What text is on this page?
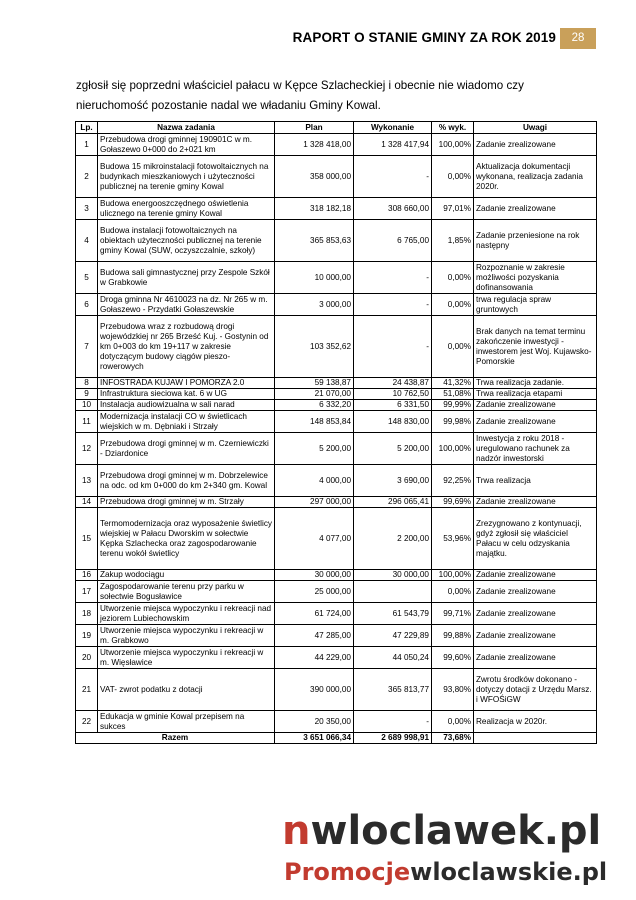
RAPORT O STANIE GMINY ZA ROK 2019	28
zgłosił się poprzedni właściciel pałacu w Kępce Szlacheckiej i obecnie nie wiadomo czy nieruchomość pozostanie nadal we władaniu Gminy Kowal.
Lp.	Nazwa zadania	Plan	Wykonanie	% wyk.	Uwagi
1	Przebudowa drogi gminnej 190901C w m. Gołaszewo 0+000 do 2+021 km	1 328 418,00	1 328 417,94	100,00%	Zadanie zrealizowane
2	Budowa 15 mikroinstalacji fotowoltaicznych na budynkach mieszkaniowych i użyteczności publicznej na terenie gminy Kowal	358 000,00	-	0,00%	Aktualizacja dokumentacji wykonana, realizacja zadania 2020r.
3	Budowa energooszczędnego oświetlenia ulicznego na terenie gminy Kowal	318 182,18	308 660,00	97,01%	Zadanie zrealizowane
4	Budowa instalacji fotowoltaicznych na obiektach użyteczności publicznej na terenie gminy Kowal (SUW, oczyszczalnie, szkoły)	365 853,63	6 765,00	1,85%	Zadanie przeniesione na rok następny
5	Budowa sali gimnastycznej przy Zespole Szkół w Grabkowie	10 000,00	-	0,00%	Rozpoznanie w zakresie możliwości pozyskania dofinansowania
6	Droga gminna Nr 4610023 na dz. Nr 265 w m. Gołaszewo - Przydatki Gołaszewskie	3 000,00	-	0,00%	trwa regulacja spraw gruntowych
7	Przebudowa wraz z rozbudową drogi wojewódzkiej nr 265 Brześć Kuj. - Gostynin od km 0+003 do km 19+117 w zakresie dotyczącym budowy ciągów pieszo-rowerowych	103 352,62	-	0,00%	Brak danych na temat terminu zakończenie inwestycji - inwestorem jest Woj. Kujawsko-Pomorskie
8	INFOSTRADA KUJAW I POMORZA 2.0	59 138,87	24 438,87	41,32%	Trwa realizacja zadanie.
9	Infrastruktura sieciowa kat. 6 w UG	21 070,00	10 762,50	51,08%	Trwa realizacja etapami
10	Instalacja audiowizualna w sali narad	6 332,20	6 331,50	99,99%	Zadanie zrealizowane
11	Modernizacja instalacji CO w świetlicach wiejskich w m. Dębniaki i Strzały	148 853,84	148 830,00	99,98%	Zadanie zrealizowane
12	Przebudowa drogi gminnej w m. Czerniewiczki - Dziardonice	5 200,00	5 200,00	100,00%	Inwestycja z roku 2018 - uregulowano rachunek za nadzór inwestorski
13	Przebudowa drogi gminnej w m. Dobrzelewice na odc. od km 0+000 do km 2+340 gm. Kowal	4 000,00	3 690,00	92,25%	Trwa realizacja
14	Przebudowa drogi gminnej w m. Strzały	297 000,00	296 065,41	99,69%	Zadanie zrealizowane
15	Termomodernizacja oraz wyposażenie świetlicy wiejskiej w Pałacu Dworskim w sołectwie Kępka Szlachecka oraz zagospodarowanie terenu wokół świetlicy	4 077,00	2 200,00	53,96%	Zrezygnowano z kontynuacji, gdyż zgłosił się właściciel Pałacu w celu odzyskania majątku.
16	Zakup wodociągu	30 000,00	30 000,00	100,00%	Zadanie zrealizowane
17	Zagospodarowanie terenu przy parku w sołectwie Bogusławice	25 000,00		0,00%	Zadanie zrealizowane
18	Utworzenie miejsca wypoczynku i rekreacji nad jeziorem Lubiechowskim	61 724,00	61 543,79	99,71%	Zadanie zrealizowane
19	Utworzenie miejsca wypoczynku i rekreacji w m. Grabkowo	47 285,00	47 229,89	99,88%	Zadanie zrealizowane
20	Utworzenie miejsca wypoczynku i rekreacji w m. Więsławice	44 229,00	44 050,24	99,60%	Zadanie zrealizowane
21	VAT- zwrot podatku z dotacji	390 000,00	365 813,77	93,80%	Zwrotu środków dokonano - dotyczy dotacji z Urzędu Marsz. i WFOŚiGW
22	Edukacja w gminie Kowal przepisem na sukces	20 350,00	-	0,00%	Realizacja w 2020r.
Razem		3 651 066,34	2 689 998,91	73,68%	
nwloclawek.pl
Promocjewloclawskie.pl
